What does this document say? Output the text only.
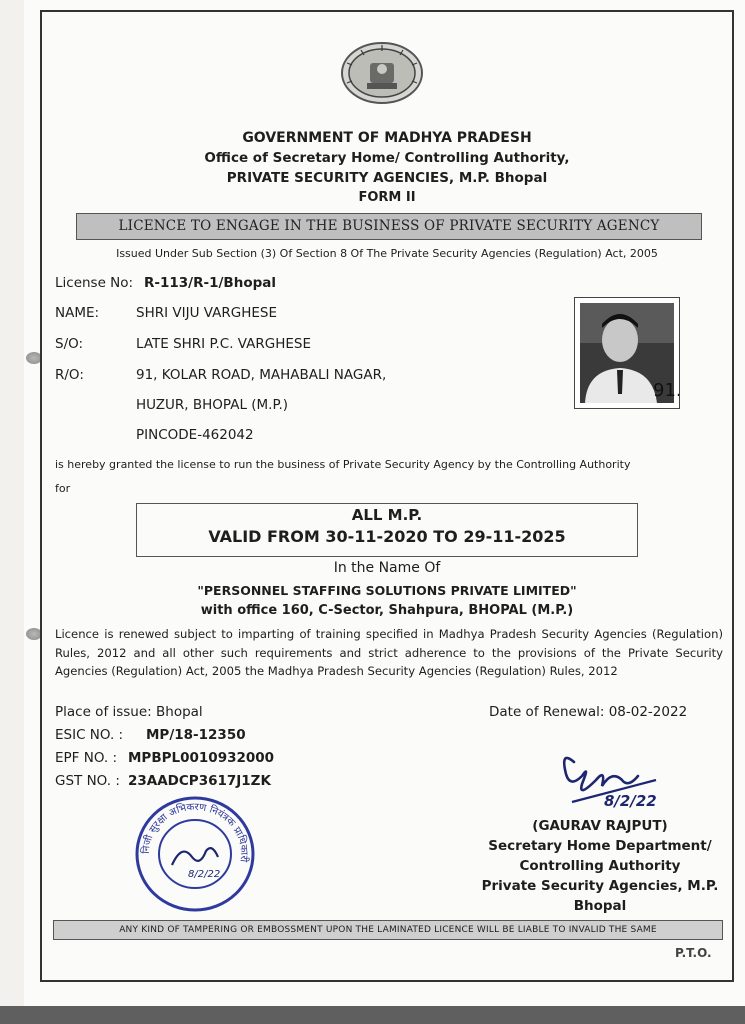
GOVERNMENT OF MADHYA PRADESH
Office of Secretary Home/ Controlling Authority,
PRIVATE SECURITY AGENCIES, M.P. Bhopal
FORM II
LICENCE TO ENGAGE IN THE BUSINESS OF PRIVATE SECURITY AGENCY
Issued Under Sub Section (3) Of Section 8 Of The Private Security Agencies (Regulation) Act, 2005
License No: R-113/R-1/Bhopal
NAME:	SHRI VIJU VARGHESE
S/O:	LATE SHRI P.C. VARGHESE
R/O:	91, KOLAR ROAD, MAHABALI NAGAR,
HUZUR, BHOPAL (M.P.)
PINCODE-462042
91.
is hereby granted the license to run the business of Private Security Agency by the Controlling Authority
for
ALL M.P.
VALID FROM 30-11-2020 TO 29-11-2025
In the Name Of
"PERSONNEL STAFFING SOLUTIONS PRIVATE LIMITED"
with office 160, C-Sector, Shahpura, BHOPAL (M.P.)
Licence is renewed subject to imparting of training specified in Madhya Pradesh Security Agencies (Regulation) Rules, 2012 and all other such requirements and strict adherence to the provisions of the Private Security Agencies (Regulation) Act, 2005 the Madhya Pradesh Security Agencies (Regulation) Rules, 2012
Place of issue: Bhopal	Date of Renewal: 08-02-2022
ESIC NO. : MP/18-12350
EPF NO. : MPBPL0010932000
GST NO. : 23AADCP3617J1ZK
निजी सुरक्षा अभिकरण नियंत्रक प्राधिकारी
8/2/22
8/2/22
(GAURAV RAJPUT)
Secretary Home Department/
Controlling Authority
Private Security Agencies, M.P.
Bhopal
ANY KIND OF TAMPERING OR EMBOSSMENT UPON THE LAMINATED LICENCE WILL BE LIABLE TO INVALID THE SAME
P.T.O.
